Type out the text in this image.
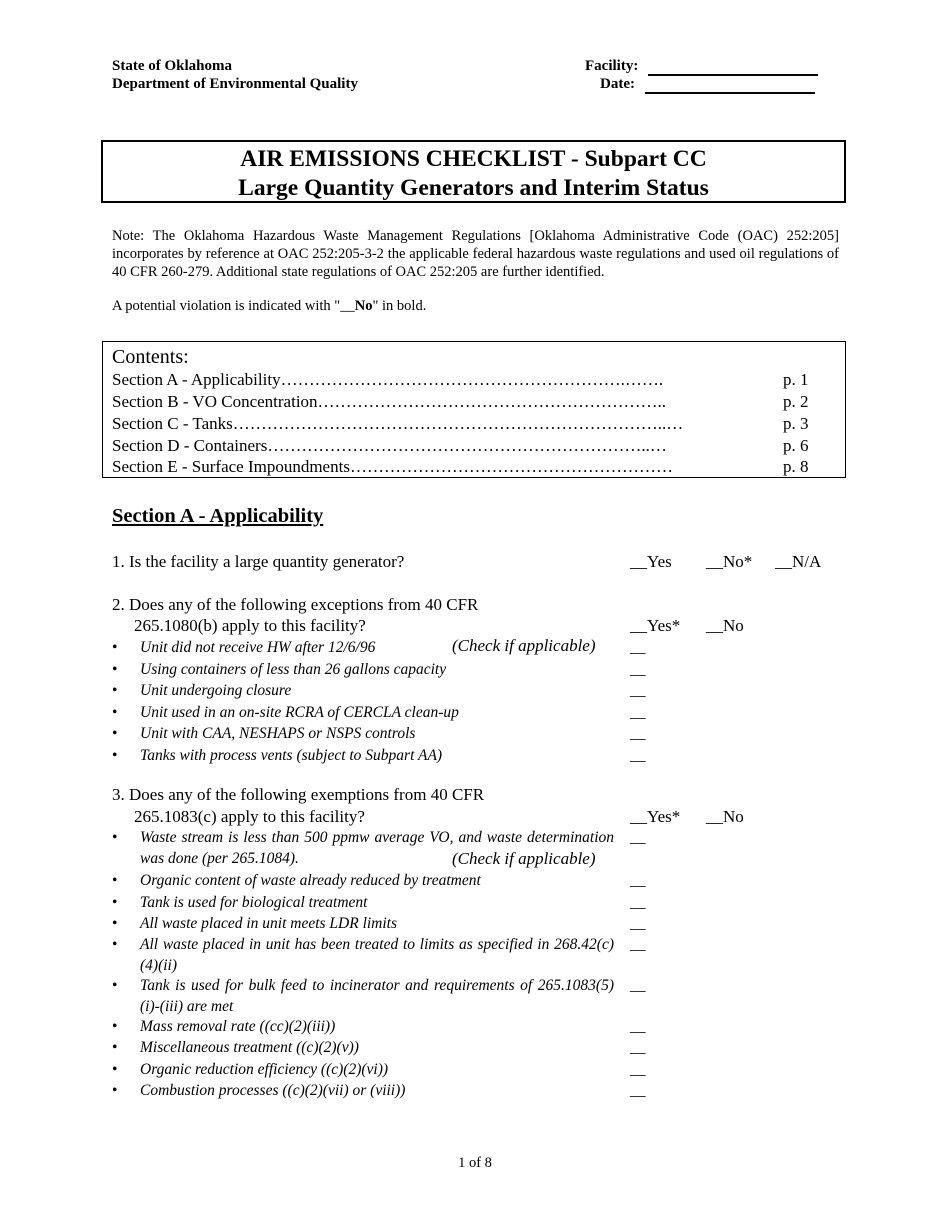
State of Oklahoma
Department of Environmental Quality
Facility:
Date:
AIR EMISSIONS CHECKLIST - Subpart CC
Large Quantity Generators and Interim Status
Note: The Oklahoma Hazardous Waste Management Regulations [Oklahoma Administrative Code (OAC) 252:205] incorporates by reference at OAC 252:205-3-2 the applicable federal hazardous waste regulations and used oil regulations of 40 CFR 260-279. Additional state regulations of OAC 252:205 are further identified.
A potential violation is indicated with "__No" in bold.
Contents:
Section A - Applicability…………………………………………………….…….	p. 1
Section B - VO Concentration……………………………………………………..	p. 2
Section C - Tanks…………………………………………………………………..…	p. 3
Section D - Containers…………………………………………………………..…	p. 6
Section E - Surface Impoundments…………………………………………………	p. 8
Section A - Applicability
1. Is the facility a large quantity generator?	__Yes __No* __N/A
2. Does any of the following exceptions from 40 CFR
265.1080(b) apply to this facility?	__Yes* __No
• Unit did not receive HW after 12/6/96	(Check if applicable) __
• Using containers of less than 26 gallons capacity	__
• Unit undergoing closure	__
• Unit used in an on-site RCRA of CERCLA clean-up	__
• Unit with CAA, NESHAPS or NSPS controls	__
• Tanks with process vents (subject to Subpart AA)	__
3. Does any of the following exemptions from 40 CFR
265.1083(c) apply to this facility?	__Yes* __No
• Waste stream is less than 500 ppmw average VO, and waste determination was done (per 265.1084).	(Check if applicable)
__
• Organic content of waste already reduced by treatment	__
• Tank is used for biological treatment	__
• All waste placed in unit meets LDR limits	__
• All waste placed in unit has been treated to limits as specified in 268.42(c)(4)(ii)
__
• Tank is used for bulk feed to incinerator and requirements of 265.1083(5)(i)-(iii) are met
__
• Mass removal rate ((cc)(2)(iii))	__
• Miscellaneous treatment ((c)(2)(v))	__
• Organic reduction efficiency ((c)(2)(vi))	__
• Combustion processes ((c)(2)(vii) or (viii))	__
1 of 8
